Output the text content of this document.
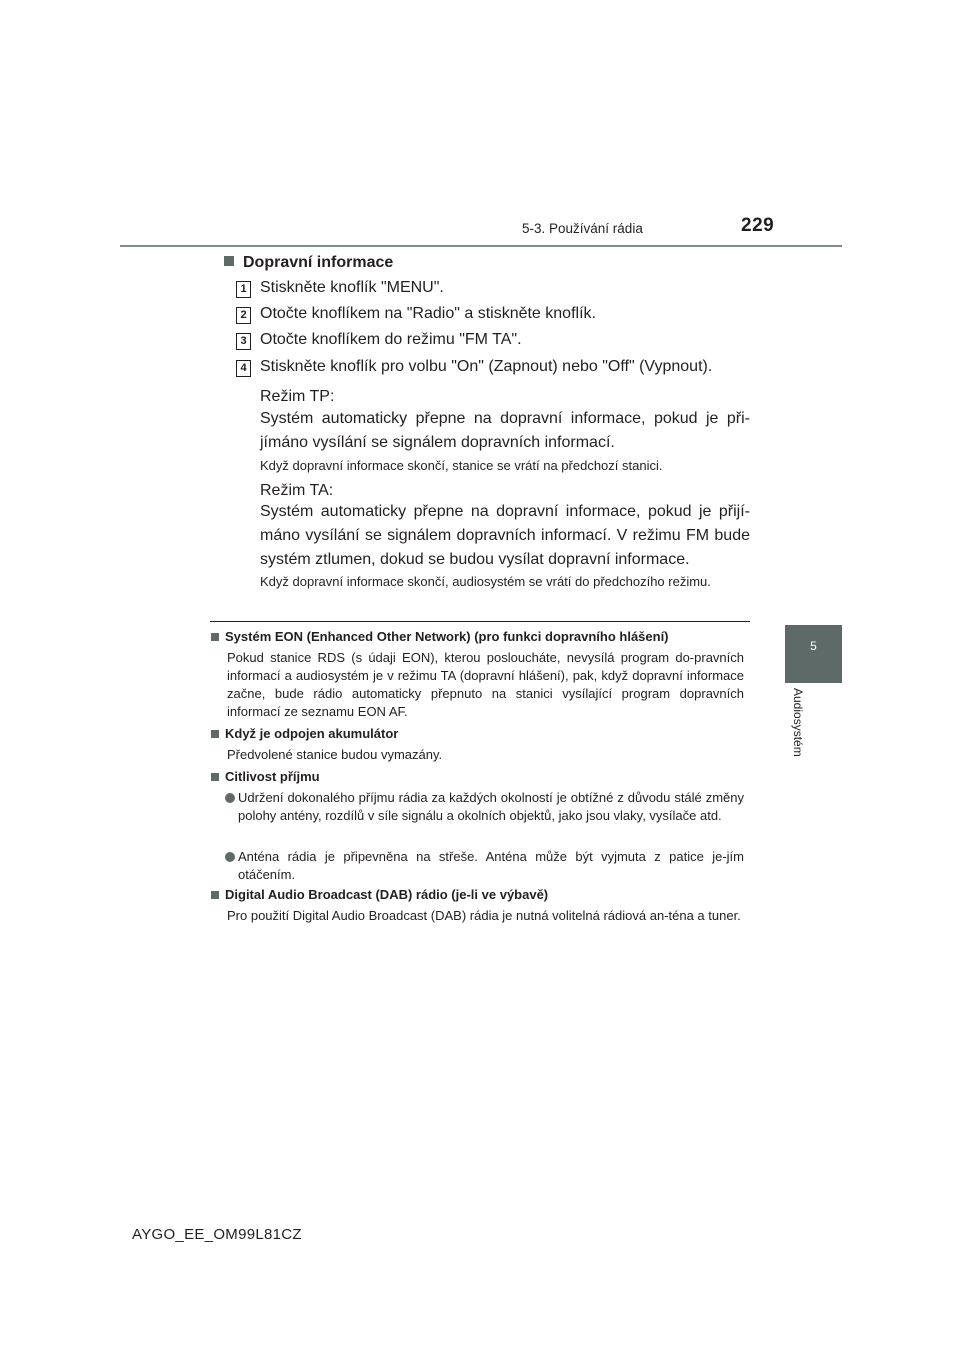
5-3. Používání rádia	229
5
Audiosystém
Dopravní informace
1 Stiskněte knoflík "MENU".
2 Otočte knoflíkem na "Radio" a stiskněte knoflík.
3 Otočte knoflíkem do režimu "FM TA".
4 Stiskněte knoflík pro volbu "On" (Zapnout) nebo "Off" (Vypnout).
Režim TP:
Systém automaticky přepne na dopravní informace, pokud je při-jímáno vysílání se signálem dopravních informací.
Když dopravní informace skončí, stanice se vrátí na předchozí stanici.
Režim TA:
Systém automaticky přepne na dopravní informace, pokud je přijí-máno vysílání se signálem dopravních informací. V režimu FM bude systém ztlumen, dokud se budou vysílat dopravní informace.
Když dopravní informace skončí, audiosystém se vrátí do předchozího režimu.
Systém EON (Enhanced Other Network) (pro funkci dopravního hlášení)
Pokud stanice RDS (s údaji EON), kterou posloucháte, nevysílá program do-pravních informací a audiosystém je v režimu TA (dopravní hlášení), pak, když dopravní informace začne, bude rádio automaticky přepnuto na stanici vysílající program dopravních informací ze seznamu EON AF.
Když je odpojen akumulátor
Předvolené stanice budou vymazány.
Citlivost příjmu
Udržení dokonalého příjmu rádia za každých okolností je obtížné z důvodu stálé změny polohy antény, rozdílů v síle signálu a okolních objektů, jako jsou vlaky, vysílače atd.
Anténa rádia je připevněna na střeše. Anténa může být vyjmuta z patice je-jím otáčením.
Digital Audio Broadcast (DAB) rádio (je-li ve výbavě)
Pro použití Digital Audio Broadcast (DAB) rádia je nutná volitelná rádiová an-téna a tuner.
AYGO_EE_OM99L81CZ
